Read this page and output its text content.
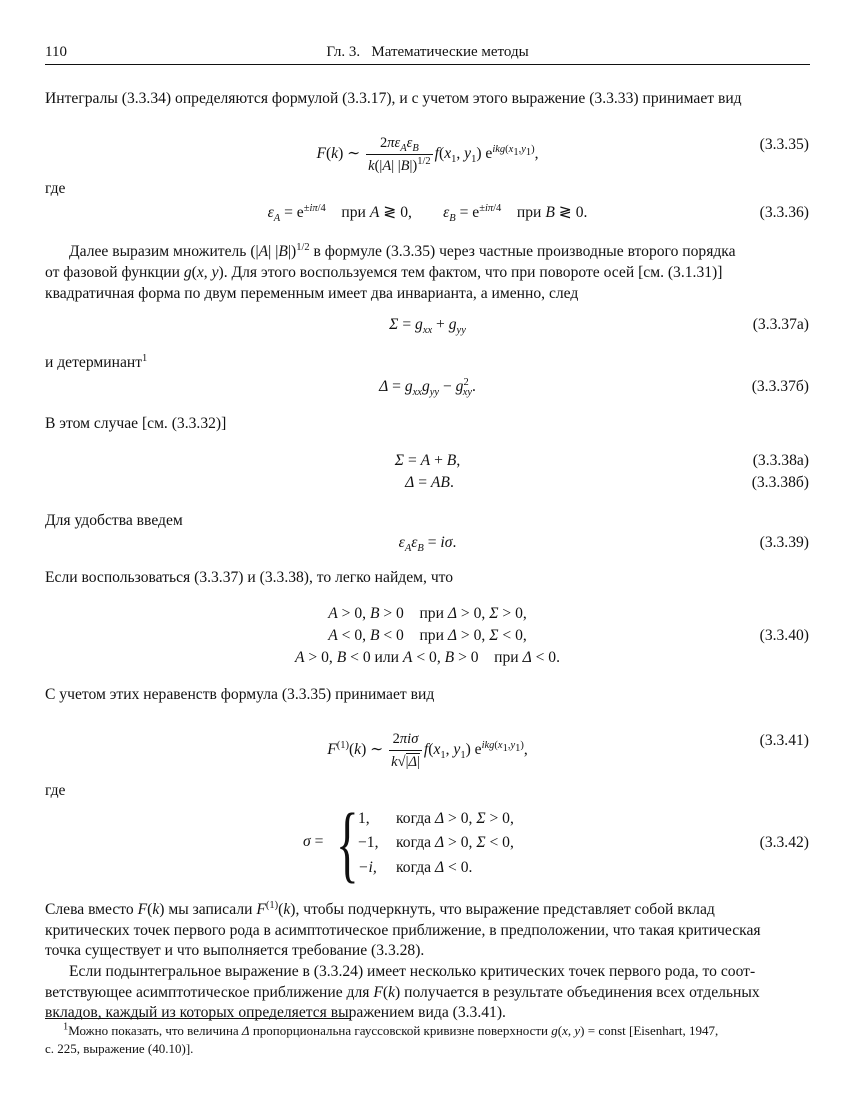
110	Гл. 3.   Математические методы
Интегралы (3.3.34) определяются формулой (3.3.17), и с учетом этого выражение (3.3.33) принимает вид
F(k) ∼ $\frac{2\pi\varepsilon_A\varepsilon_B}{k(|A| |B|)^{1/2}} f(x_1$, $y_1$) $e^{ikg(x_1,y_1)}$,
(3.3.35)
где
$\varepsilon_A = e^{\pm i\pi/4}$ при A ≷ 0,        $\varepsilon_B = e^{\pm i\pi/4}$ при B ≷ 0.	(3.3.36)
Далее выразим множитель (|A| |B|)$^{1/2}$ в формуле (3.3.35) через частные производные второго порядка
от фазовой функции g(x, y). Для этого воспользуемся тем фактом, что при повороте осей [см. (3.1.31)]
квадратичная форма по двум переменным имеет два инварианта, а именно, след
$\Sigma = g_{xx} + g_{yy}$	(3.3.37а)
и детерминант$^1$
$\Delta = g_{xx}g_{yy} - g^2_{xy}$.	(3.3.37б)
В этом случае [см. (3.3.32)]
Σ = A + B,	(3.3.38а)
Δ = AB.	(3.3.38б)
Для удобства введем
$\varepsilon_A\varepsilon_B = i\sigma$.	(3.3.39)
Если воспользоваться (3.3.37) и (3.3.38), то легко найдем, что
A > 0, B > 0    при Δ > 0, Σ > 0,
A < 0, B < 0    при Δ > 0, Σ < 0,
A > 0, B < 0 или A < 0, B > 0    при Δ < 0.
(3.3.40)
С учетом этих неравенств формула (3.3.35) принимает вид
$F^{(1)}(k)$ ∼ $\frac{\text{2πiσ}}{k√|\Delta|} f(x_1$, $y_1$) $e^{ikg(x_1,y_1)}$,
(3.3.41)
где
σ = { 1, когда Δ > 0, Σ > 0,
−1, когда Δ > 0, Σ < 0,
−i, когда Δ < 0.
(3.3.42)
Слева вместо F(k) мы записали $F^{(1)}(k)$, чтобы подчеркнуть, что выражение представляет собой вклад
критических точек первого рода в асимптотическое приближение, в предположении, что такая критическая
точка существует и что выполняется требование (3.3.28).
Если подынтегральное выражение в (3.3.24) имеет несколько критических точек первого рода, то соот-
ветствующее асимптотическое приближение для F(k) получается в результате объединения всех отдельных
вкладов, каждый из которых определяется выражением вида (3.3.41).
$^1$Можно показать, что величина Δ пропорциональна гауссовской кривизне поверхности g(x, y) = const [Eisenhart, 1947,
с. 225, выражение (40.10)].
